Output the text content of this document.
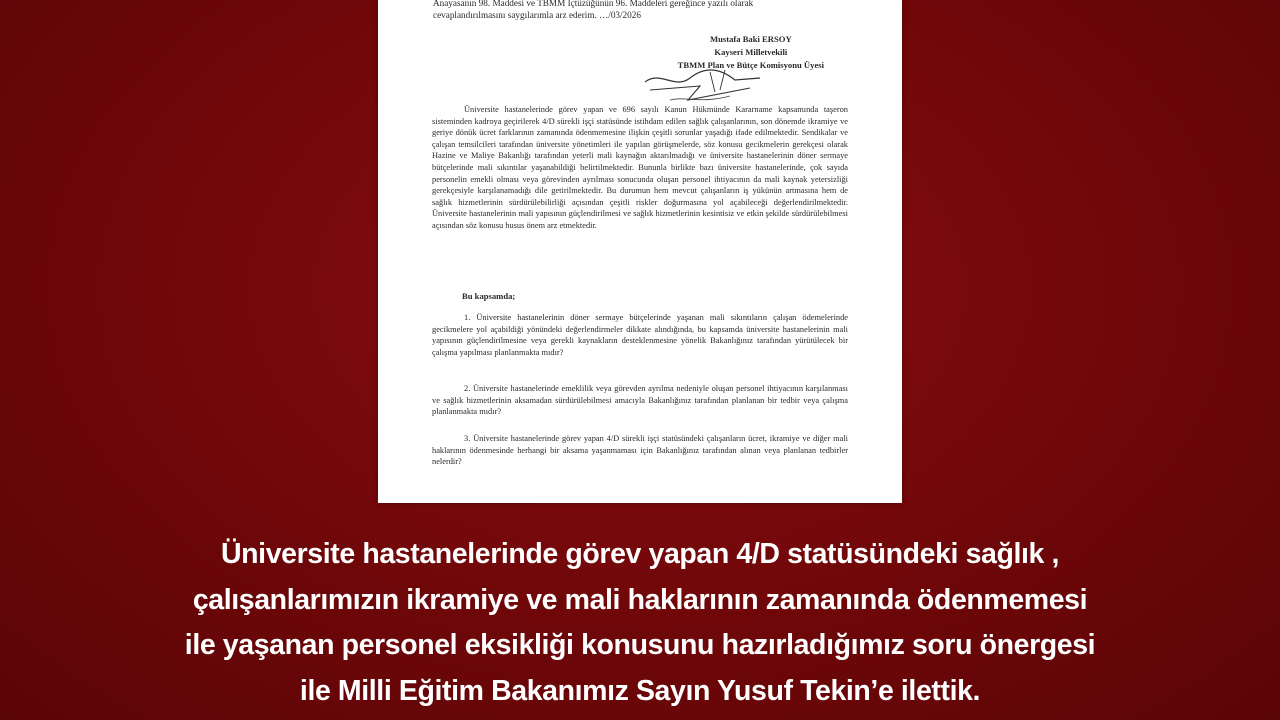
Anayasanın 98. Maddesi ve TBMM İçtüzüğünün 96. Maddeleri gereğince yazılı olarak
cevaplandırılmasını saygılarımla arz ederim. …/03/2026
Mustafa Baki ERSOY
Kayseri Milletvekili
TBMM Plan ve Bütçe Komisyonu Üyesi

Üniversite hastanelerinde görev yapan ve 696 sayılı Kanun Hükmünde Kararname kapsamında taşeron sisteminden kadroya geçirilerek 4/D sürekli işçi statüsünde istihdam edilen sağlık çalışanlarının, son dönemde ikramiye ve geriye dönük ücret farklarının zamanında ödenmemesine ilişkin çeşitli sorunlar yaşadığı ifade edilmektedir. Sendikalar ve çalışan temsilcileri tarafından üniversite yönetimleri ile yapılan görüşmelerde, söz konusu gecikmelerin gerekçesi olarak Hazine ve Maliye Bakanlığı tarafından yeterli mali kaynağın aktarılmadığı ve üniversite hastanelerinin döner sermaye bütçelerinde mali sıkıntılar yaşanabildiği belirtilmektedir. Bununla birlikte bazı üniversite hastanelerinde, çok sayıda personelin emekli olması veya görevinden ayrılması sonucunda oluşan personel ihtiyacının da mali kaynak yetersizliği gerekçesiyle karşılanamadığı dile getirilmektedir. Bu durumun hem mevcut çalışanların iş yükünün artmasına hem de sağlık hizmetlerinin sürdürülebilirliği açısından çeşitli riskler doğurmasına yol açabileceği değerlendirilmektedir. Üniversite hastanelerinin mali yapısının güçlendirilmesi ve sağlık hizmetlerinin kesintisiz ve etkin şekilde sürdürülebilmesi açısından söz konusu husus önem arz etmektedir.

Bu kapsamda;

1. Üniversite hastanelerinin döner sermaye bütçelerinde yaşanan mali sıkıntıların çalışan ödemelerinde gecikmelere yol açabildiği yönündeki değerlendirmeler dikkate alındığında, bu kapsamda üniversite hastanelerinin mali yapısının güçlendirilmesine veya gerekli kaynakların desteklenmesine yönelik Bakanlığınız tarafından yürütülecek bir çalışma yapılması planlanmakta mıdır?

2. Üniversite hastanelerinde emeklilik veya görevden ayrılma nedeniyle oluşan personel ihtiyacının karşılanması ve sağlık hizmetlerinin aksamadan sürdürülebilmesi amacıyla Bakanlığınız tarafından planlanan bir tedbir veya çalışma planlanmakta mıdır?

3. Üniversite hastanelerinde görev yapan 4/D sürekli işçi statüsündeki çalışanların ücret, ikramiye ve diğer mali haklarının ödenmesinde herhangi bir aksama yaşanmaması için Bakanlığınız tarafından alınan veya planlanan tedbirler nelerdir?

Üniversite hastanelerinde görev yapan 4/D statüsündeki sağlık ,
çalışanlarımızın ikramiye ve mali haklarının zamanında ödenmemesi
ile yaşanan personel eksikliği konusunu hazırladığımız soru önergesi
ile Milli Eğitim Bakanımız Sayın Yusuf Tekin’e ilettik.
